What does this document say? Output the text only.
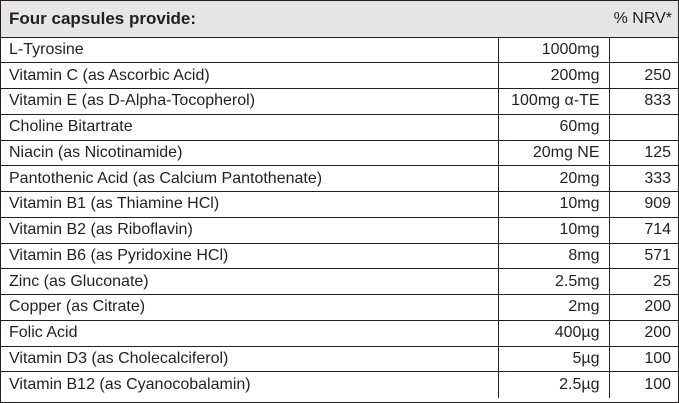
Four capsules provide:		% NRV*
L-Tyrosine	1000mg	
Vitamin C (as Ascorbic Acid)	200mg	250
Vitamin E (as D-Alpha-Tocopherol)	100mg α-TE	833
Choline Bitartrate	60mg	
Niacin (as Nicotinamide)	20mg NE	125
Pantothenic Acid (as Calcium Pantothenate)	20mg	333
Vitamin B1 (as Thiamine HCl)	10mg	909
Vitamin B2 (as Riboflavin)	10mg	714
Vitamin B6 (as Pyridoxine HCl)	8mg	571
Zinc (as Gluconate)	2.5mg	25
Copper (as Citrate)	2mg	200
Folic Acid	400µg	200
Vitamin D3 (as Cholecalciferol)	5µg	100
Vitamin B12 (as Cyanocobalamin)	2.5µg	100
